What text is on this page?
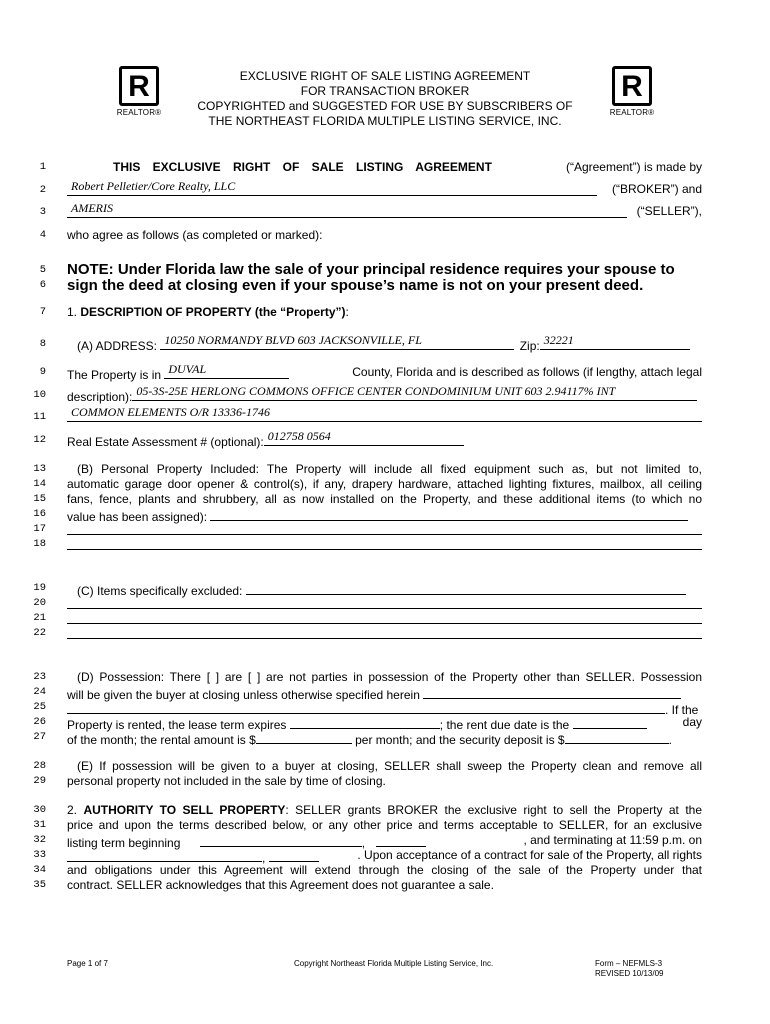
R
REALTOR®
R
REALTOR®
EXCLUSIVE RIGHT OF SALE LISTING AGREEMENT
FOR TRANSACTION BROKER
COPYRIGHTED and SUGGESTED FOR USE BY SUBSCRIBERS OF
THE NORTHEAST FLORIDA MULTIPLE LISTING SERVICE, INC.
1
2
3
4
5
6
7
8
9
10
11
12
13
14
15
16
17
18
19
20
21
22
23
24
25
26
27
28
29
30
31
32
33
34
35
THIS EXCLUSIVE RIGHT OF SALE LISTING AGREEMENT	(“Agreement”) is made by
Robert Pelletier/Core Realty, LLC	(“BROKER”) and
AMERIS	(“SELLER”),
who agree as follows (as completed or marked):
NOTE: Under Florida law the sale of your principal residence requires your spouse to
sign the deed at closing even if your spouse’s name is not on your present deed.
1. DESCRIPTION OF PROPERTY (the “Property”):
(A) ADDRESS: 10250 NORMANDY BLVD 603 JACKSONVILLE, FL	Zip: 32221
The Property is in DUVAL	County, Florida and is described as follows (if lengthy, attach legal
description): 05-3S-25E HERLONG COMMONS OFFICE CENTER CONDOMINIUM UNIT 603 2.94117% INT
COMMON ELEMENTS O/R 13336-1746
Real Estate Assessment # (optional): 012758 0564
(B) Personal Property Included: The Property will include all fixed equipment such as, but not limited to,
automatic garage door opener & control(s), if any, drapery hardware, attached lighting fixtures, mailbox, all ceiling
fans, fence, plants and shrubbery, all as now installed on the Property, and these additional items (to which no
value has been assigned):
(C) Items specifically excluded:
(D) Possession: There [ ] are [ ] are not parties in possession of the Property other than SELLER. Possession
will be given the buyer at closing unless otherwise specified herein
. If the
Property is rented, the lease term expires	; the rent due date is the	day
of the month; the rental amount is $	per month; and the security deposit is $	.
(E) If possession will be given to a buyer at closing, SELLER shall sweep the Property clean and remove all
personal property not included in the sale by time of closing.
2. AUTHORITY TO SELL PROPERTY: SELLER grants BROKER the exclusive right to sell the Property at the
price and upon the terms described below, or any other price and terms acceptable to SELLER, for an exclusive
listing term beginning	,	, and terminating at 11:59 p.m. on
,	. Upon acceptance of a contract for sale of the Property, all rights
and obligations under this Agreement will extend through the closing of the sale of the Property under that
contract. SELLER acknowledges that this Agreement does not guarantee a sale.
Page 1 of 7	Copyright Northeast Florida Multiple Listing Service, Inc.	Form – NEFMLS-3
REVISED 10/13/09
